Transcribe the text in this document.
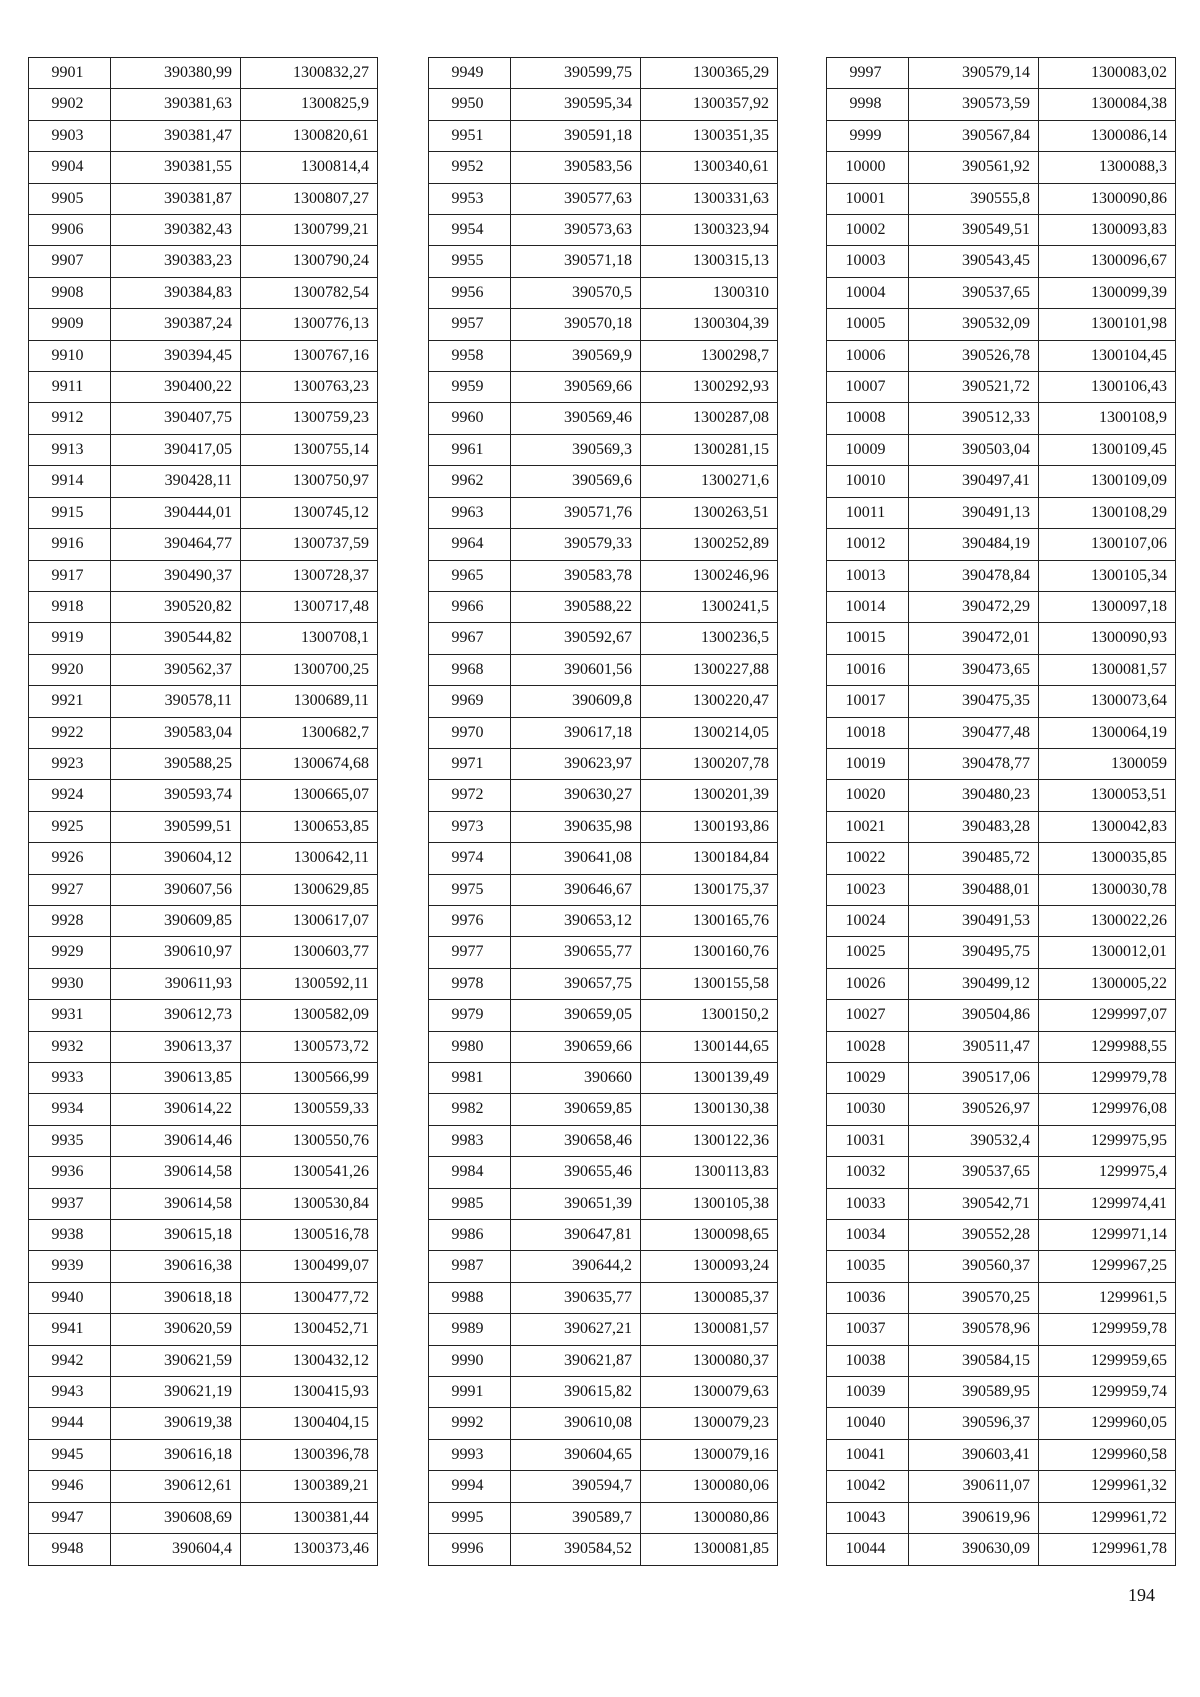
9901	390380,99	1300832,27
9902	390381,63	1300825,9
9903	390381,47	1300820,61
9904	390381,55	1300814,4
9905	390381,87	1300807,27
9906	390382,43	1300799,21
9907	390383,23	1300790,24
9908	390384,83	1300782,54
9909	390387,24	1300776,13
9910	390394,45	1300767,16
9911	390400,22	1300763,23
9912	390407,75	1300759,23
9913	390417,05	1300755,14
9914	390428,11	1300750,97
9915	390444,01	1300745,12
9916	390464,77	1300737,59
9917	390490,37	1300728,37
9918	390520,82	1300717,48
9919	390544,82	1300708,1
9920	390562,37	1300700,25
9921	390578,11	1300689,11
9922	390583,04	1300682,7
9923	390588,25	1300674,68
9924	390593,74	1300665,07
9925	390599,51	1300653,85
9926	390604,12	1300642,11
9927	390607,56	1300629,85
9928	390609,85	1300617,07
9929	390610,97	1300603,77
9930	390611,93	1300592,11
9931	390612,73	1300582,09
9932	390613,37	1300573,72
9933	390613,85	1300566,99
9934	390614,22	1300559,33
9935	390614,46	1300550,76
9936	390614,58	1300541,26
9937	390614,58	1300530,84
9938	390615,18	1300516,78
9939	390616,38	1300499,07
9940	390618,18	1300477,72
9941	390620,59	1300452,71
9942	390621,59	1300432,12
9943	390621,19	1300415,93
9944	390619,38	1300404,15
9945	390616,18	1300396,78
9946	390612,61	1300389,21
9947	390608,69	1300381,44
9948	390604,4	1300373,46
9949	390599,75	1300365,29
9950	390595,34	1300357,92
9951	390591,18	1300351,35
9952	390583,56	1300340,61
9953	390577,63	1300331,63
9954	390573,63	1300323,94
9955	390571,18	1300315,13
9956	390570,5	1300310
9957	390570,18	1300304,39
9958	390569,9	1300298,7
9959	390569,66	1300292,93
9960	390569,46	1300287,08
9961	390569,3	1300281,15
9962	390569,6	1300271,6
9963	390571,76	1300263,51
9964	390579,33	1300252,89
9965	390583,78	1300246,96
9966	390588,22	1300241,5
9967	390592,67	1300236,5
9968	390601,56	1300227,88
9969	390609,8	1300220,47
9970	390617,18	1300214,05
9971	390623,97	1300207,78
9972	390630,27	1300201,39
9973	390635,98	1300193,86
9974	390641,08	1300184,84
9975	390646,67	1300175,37
9976	390653,12	1300165,76
9977	390655,77	1300160,76
9978	390657,75	1300155,58
9979	390659,05	1300150,2
9980	390659,66	1300144,65
9981	390660	1300139,49
9982	390659,85	1300130,38
9983	390658,46	1300122,36
9984	390655,46	1300113,83
9985	390651,39	1300105,38
9986	390647,81	1300098,65
9987	390644,2	1300093,24
9988	390635,77	1300085,37
9989	390627,21	1300081,57
9990	390621,87	1300080,37
9991	390615,82	1300079,63
9992	390610,08	1300079,23
9993	390604,65	1300079,16
9994	390594,7	1300080,06
9995	390589,7	1300080,86
9996	390584,52	1300081,85
9997	390579,14	1300083,02
9998	390573,59	1300084,38
9999	390567,84	1300086,14
10000	390561,92	1300088,3
10001	390555,8	1300090,86
10002	390549,51	1300093,83
10003	390543,45	1300096,67
10004	390537,65	1300099,39
10005	390532,09	1300101,98
10006	390526,78	1300104,45
10007	390521,72	1300106,43
10008	390512,33	1300108,9
10009	390503,04	1300109,45
10010	390497,41	1300109,09
10011	390491,13	1300108,29
10012	390484,19	1300107,06
10013	390478,84	1300105,34
10014	390472,29	1300097,18
10015	390472,01	1300090,93
10016	390473,65	1300081,57
10017	390475,35	1300073,64
10018	390477,48	1300064,19
10019	390478,77	1300059
10020	390480,23	1300053,51
10021	390483,28	1300042,83
10022	390485,72	1300035,85
10023	390488,01	1300030,78
10024	390491,53	1300022,26
10025	390495,75	1300012,01
10026	390499,12	1300005,22
10027	390504,86	1299997,07
10028	390511,47	1299988,55
10029	390517,06	1299979,78
10030	390526,97	1299976,08
10031	390532,4	1299975,95
10032	390537,65	1299975,4
10033	390542,71	1299974,41
10034	390552,28	1299971,14
10035	390560,37	1299967,25
10036	390570,25	1299961,5
10037	390578,96	1299959,78
10038	390584,15	1299959,65
10039	390589,95	1299959,74
10040	390596,37	1299960,05
10041	390603,41	1299960,58
10042	390611,07	1299961,32
10043	390619,96	1299961,72
10044	390630,09	1299961,78
194
